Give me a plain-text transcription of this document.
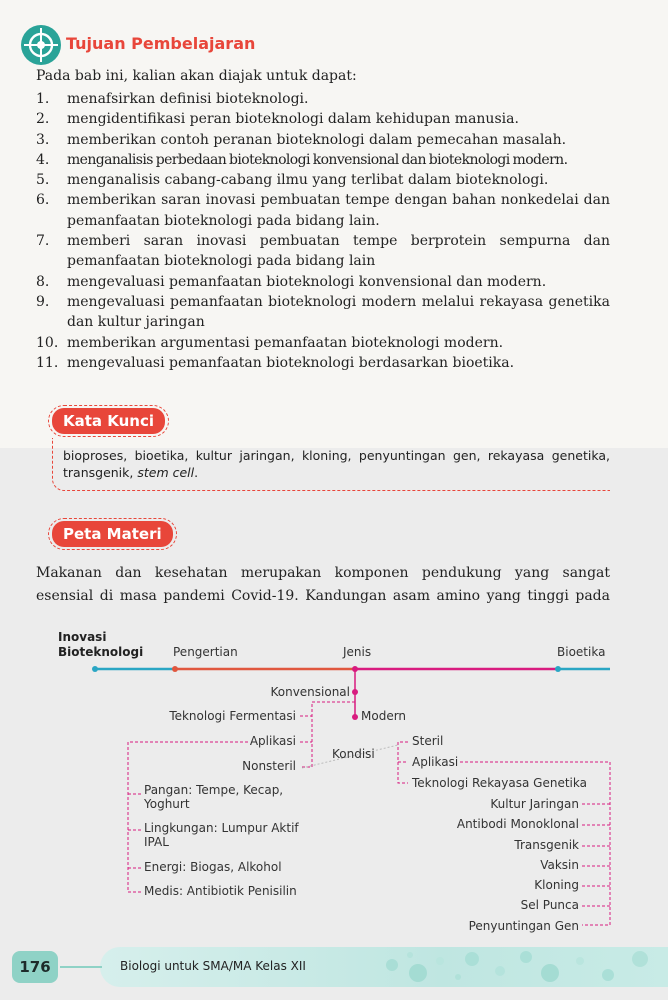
Tujuan Pembelajaran
Pada bab ini, kalian akan diajak untuk dapat:
1.	menafsirkan definisi bioteknologi.
2.	mengidentifikasi peran bioteknologi dalam kehidupan manusia.
3.	memberikan contoh peranan bioteknologi dalam pemecahan masalah.
4.	menganalisis perbedaan bioteknologi konvensional dan bioteknologi modern.
5.	menganalisis cabang-cabang ilmu yang terlibat dalam bioteknologi.
6.	memberikan saran inovasi pembuatan tempe dengan bahan nonkedelai dan pemanfaatan bioteknologi pada bidang lain.
7.	memberi saran inovasi pembuatan tempe berprotein sempurna dan pemanfaatan bioteknologi pada bidang lain
8.	mengevaluasi pemanfaatan bioteknologi konvensional dan modern.
9.	mengevaluasi pemanfaatan bioteknologi modern melalui rekayasa genetika dan kultur jaringan
10. memberikan argumentasi pemanfaatan bioteknologi modern.
11. mengevaluasi pemanfaatan bioteknologi berdasarkan bioetika.
Kata Kunci
bioproses, bioetika, kultur jaringan, kloning, penyuntingan gen, rekayasa genetika, transgenik, stem cell.
Peta Materi
Makanan dan kesehatan merupakan komponen pendukung yang sangat
esensial di masa pandemi Covid-19. Kandungan asam amino yang tinggi pada
Inovasi
Bioteknologi Pengertian	Jenis	Bioetika
Konvensional
Modern
Teknologi Fermentasi
Aplikasi
Nonsteril
Kondisi
Steril
Aplikasi
Teknologi Rekayasa Genetika
Pangan: Tempe, Kecap,
Yoghurt
Lingkungan: Lumpur Aktif
IPAL
Energi: Biogas, Alkohol
Medis: Antibiotik Penisilin
Kultur Jaringan
Antibodi Monoklonal
Transgenik
Vaksin
Kloning
Sel Punca
Penyuntingan Gen
176	Biologi untuk SMA/MA Kelas XII
